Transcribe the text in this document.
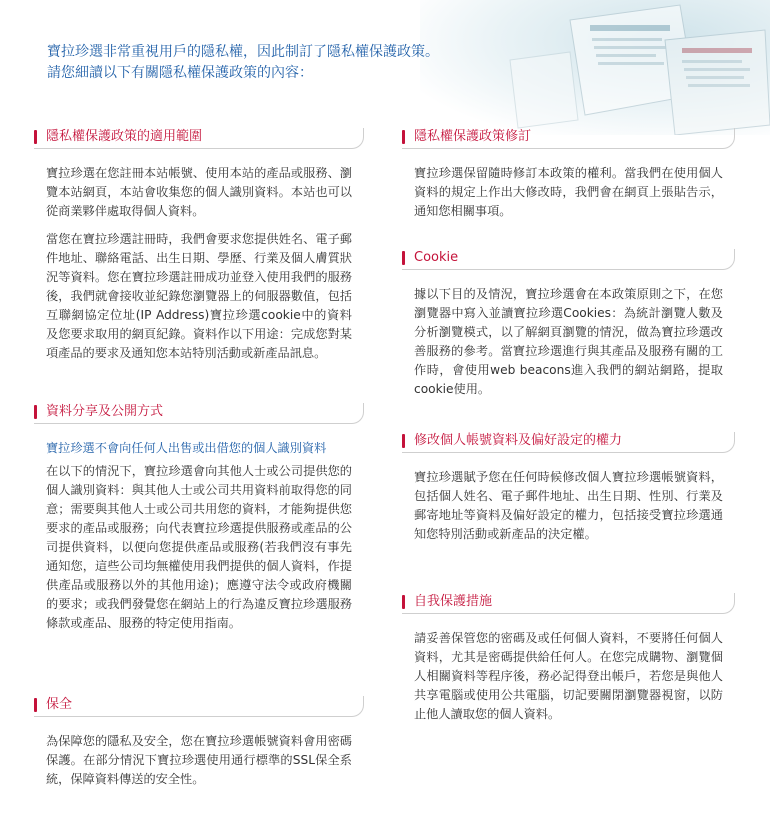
寶拉珍選非常重視用戶的隱私權，因此制訂了隱私權保護政策。

請您細讀以下有關隱私權保護政策的內容：

隱私權保護政策的適用範圍

寶拉珍選在您註冊本站帳號、使用本站的產品或服務、瀏覽本站網頁，本站會收集您的個人識別資料。本站也可以從商業夥伴處取得個人資料。

當您在寶拉珍選註冊時，我們會要求您提供姓名、電子郵件地址、聯絡電話、出生日期、學歷、行業及個人膚質狀況等資料。您在寶拉珍選註冊成功並登入使用我們的服務後，我們就會接收並紀錄您瀏覽器上的伺服器數值，包括互聯網協定位址(IP Address)寶拉珍選cookie中的資料及您要求取用的網頁紀錄。資料作以下用途：完成您對某項產品的要求及通知您本站特別活動或新產品訊息。

資料分享及公開方式
寶拉珍選不會向任何人出售或出借您的個人識別資料

在以下的情況下，寶拉珍選會向其他人士或公司提供您的個人識別資料：與其他人士或公司共用資料前取得您的同意；需要與其他人士或公司共用您的資料，才能夠提供您要求的產品或服務；向代表寶拉珍選提供服務或產品的公司提供資料，以便向您提供產品或服務(若我們沒有事先通知您，這些公司均無權使用我們提供的個人資料，作提供產品或服務以外的其他用途)；應遵守法令或政府機關的要求；或我們發覺您在網站上的行為違反寶拉珍選服務條款或產品、服務的特定使用指南。

保全

為保障您的隱私及安全，您在寶拉珍選帳號資料會用密碼保護。在部分情況下寶拉珍選使用通行標準的SSL保全系統，保障資料傳送的安全性。

隱私權保護政策修訂

寶拉珍選保留隨時修訂本政策的權利。當我們在使用個人資料的規定上作出大修改時，我們會在網頁上張貼告示，通知您相關事項。

Cookie

據以下目的及情況，寶拉珍選會在本政策原則之下，在您瀏覽器中寫入並讀寶拉珍選Cookies：為統計瀏覽人數及分析瀏覽模式，以了解網頁瀏覽的情況，做為寶拉珍選改善服務的參考。當寶拉珍選進行與其產品及服務有關的工作時，會使用web beacons進入我們的網站網路，提取cookie使用。

修改個人帳號資料及偏好設定的權力

寶拉珍選賦予您在任何時候修改個人寶拉珍選帳號資料，包括個人姓名、電子郵件地址、出生日期、性別、行業及郵寄地址等資料及偏好設定的權力，包括接受寶拉珍選通知您特別活動或新產品的決定權。

自我保護措施

請妥善保管您的密碼及或任何個人資料，不要將任何個人資料，尤其是密碼提供給任何人。在您完成購物、瀏覽個人相關資料等程序後，務必記得登出帳戶，若您是與他人共享電腦或使用公共電腦，切記要關閉瀏覽器視窗，以防止他人讀取您的個人資料。
